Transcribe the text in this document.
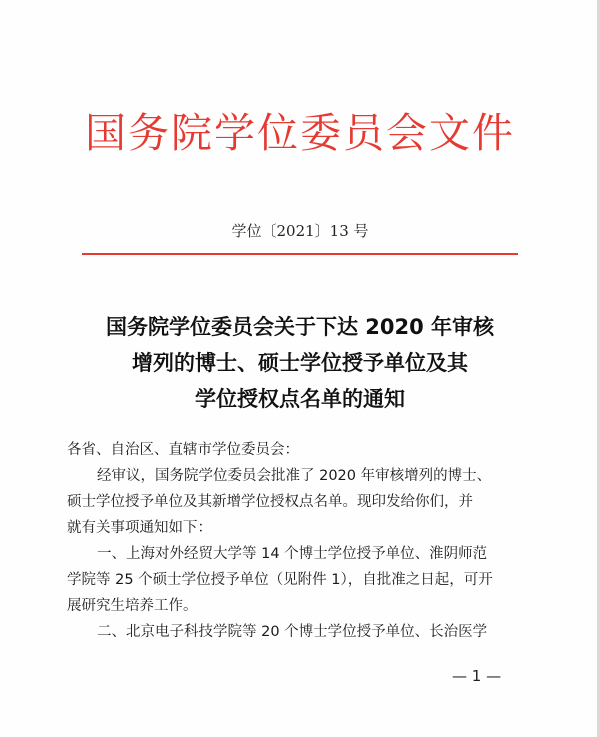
国务院学位委员会文件
学位〔2021〕13 号
国务院学位委员会关于下达 2020 年审核
增列的博士、硕士学位授予单位及其
学位授权点名单的通知
各省、自治区、直辖市学位委员会：
经审议，国务院学位委员会批准了 2020 年审核增列的博士、
硕士学位授予单位及其新增学位授权点名单。现印发给你们，并
就有关事项通知如下：
一、上海对外经贸大学等 14 个博士学位授予单位、淮阴师范
学院等 25 个硕士学位授予单位（见附件 1），自批准之日起，可开
展研究生培养工作。
二、北京电子科技学院等 20 个博士学位授予单位、长治医学
— 1 —
